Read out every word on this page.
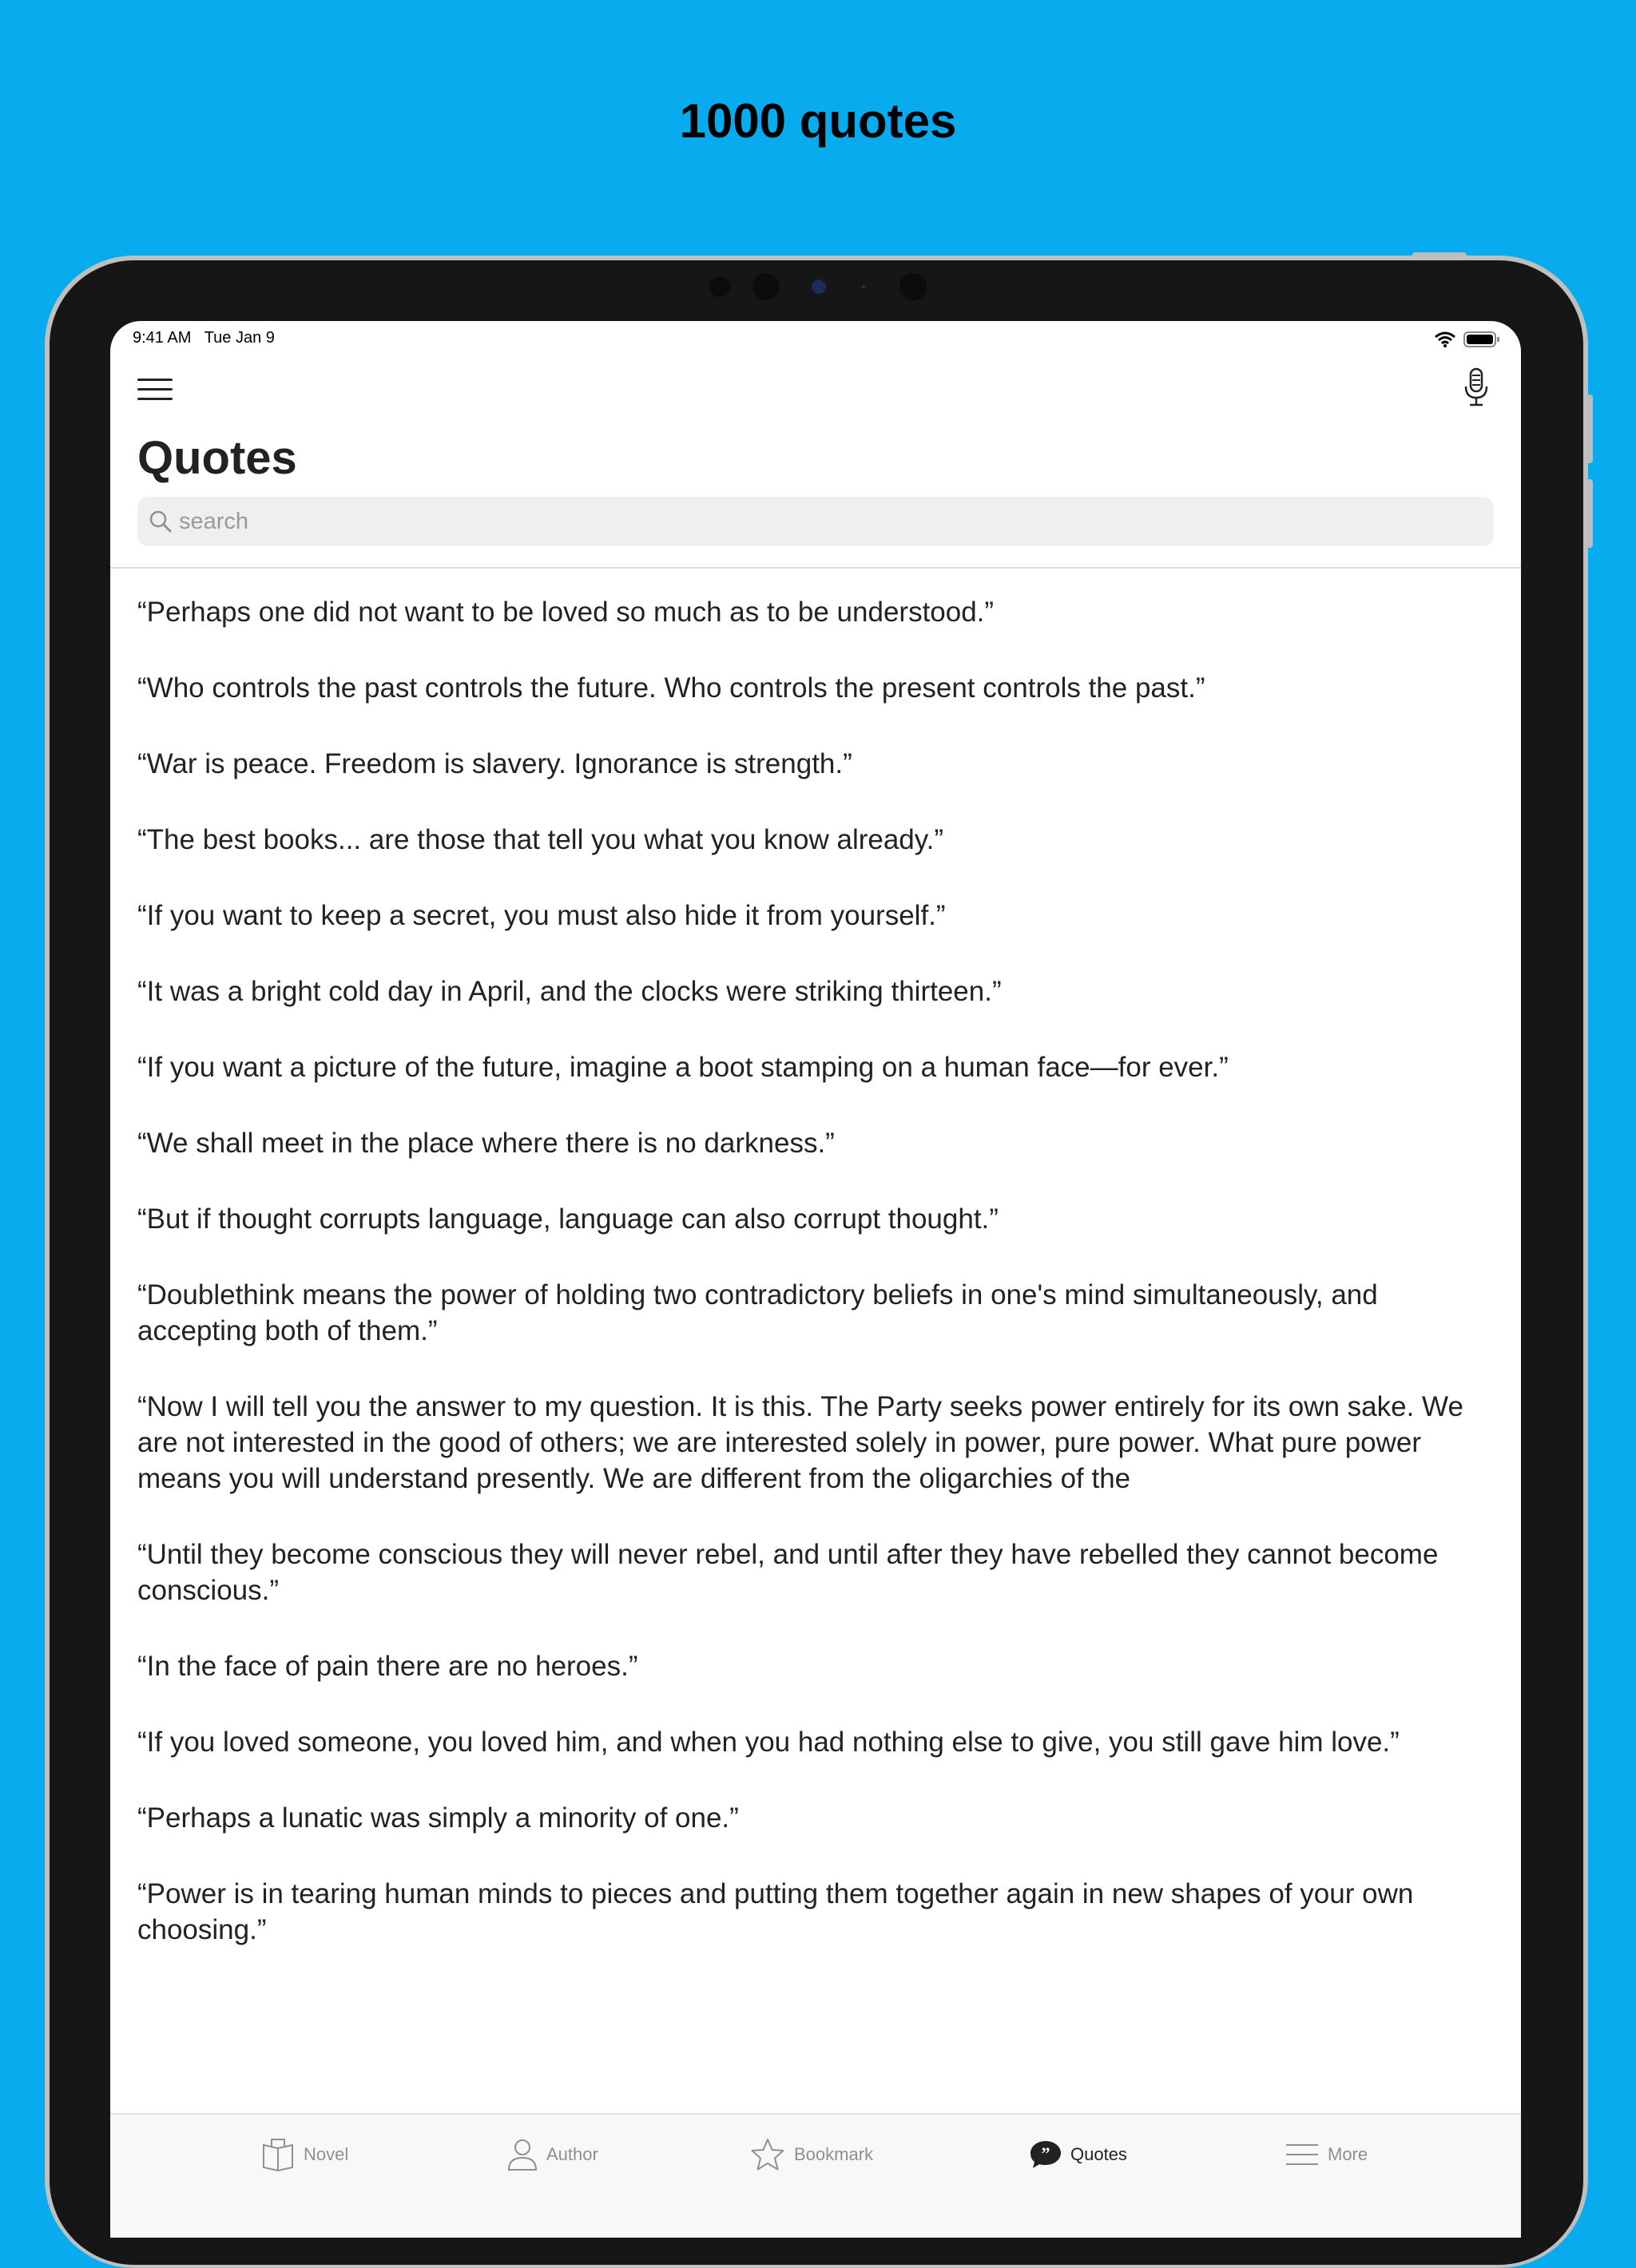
1000 quotes
9:41 AM Tue Jan 9
Quotes
search
“Perhaps one did not want to be loved so much as to be understood.”
“Who controls the past controls the future. Who controls the present controls the past.”
“War is peace. Freedom is slavery. Ignorance is strength.”
“The best books... are those that tell you what you know already.”
“If you want to keep a secret, you must also hide it from yourself.”
“It was a bright cold day in April, and the clocks were striking thirteen.”
“If you want a picture of the future, imagine a boot stamping on a human face—for ever.”
“We shall meet in the place where there is no darkness.”
“But if thought corrupts language, language can also corrupt thought.”
“Doublethink means the power of holding two contradictory beliefs in one's mind simultaneously, and accepting both of them.”
“Now I will tell you the answer to my question. It is this. The Party seeks power entirely for its own sake. We are not interested in the good of others; we are interested solely in power, pure power. What pure power means you will understand presently. We are different from the oligarchies of the
“Until they become conscious they will never rebel, and until after they have rebelled they cannot become conscious.”
“In the face of pain there are no heroes.”
“If you loved someone, you loved him, and when you had nothing else to give, you still gave him love.”
“Perhaps a lunatic was simply a minority of one.”
“Power is in tearing human minds to pieces and putting them together again in new shapes of your own choosing.”
Novel	Author	Bookmark	” Quotes	More
